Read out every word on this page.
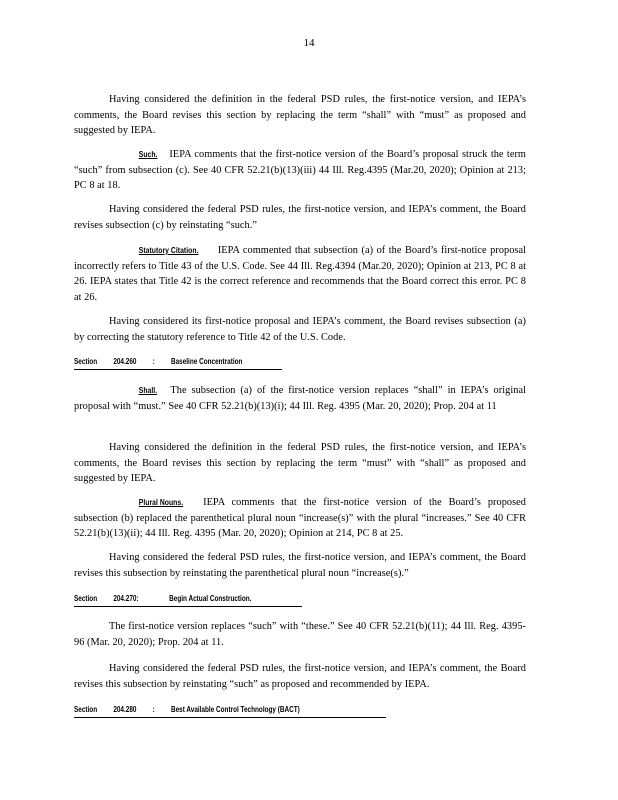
14
Having considered the definition in the federal PSD rules, the first-notice version, and IEPA’s comments, the Board revises this section by replacing the term “shall” with “must” as proposed and suggested by IEPA.
Such. IEPA comments that the first-notice version of the Board’s proposal struck the term “such” from subsection (c). See 40 CFR 52.21(b)(13)(iii) 44 Ill. Reg.4395 (Mar.20, 2020); Opinion at 213; PC 8 at 18.
Having considered the federal PSD rules, the first-notice version, and IEPA’s comment, the Board revises subsection (c) by reinstating “such.”
Statutory Citation. IEPA commented that subsection (a) of the Board’s first-notice proposal incorrectly refers to Title 43 of the U.S. Code. See 44 Ill. Reg.4394 (Mar.20, 2020); Opinion at 213, PC 8 at 26. IEPA states that Title 42 is the correct reference and recommends that the Board correct this error. PC 8 at 26.
Having considered its first-notice proposal and IEPA’s comment, the Board revises subsection (a) by correcting the statutory reference to Title 42 of the U.S. Code.
Section 204.260 : Baseline Concentration
Shall. The subsection (a) of the first-notice version replaces “shall” in IEPA’s original proposal with “must.” See 40 CFR 52.21(b)(13)(i); 44 Ill. Reg. 4395 (Mar. 20, 2020); Prop. 204 at 11
Having considered the definition in the federal PSD rules, the first-notice version, and IEPA’s comments, the Board revises this section by replacing the term “must” with “shall” as proposed and suggested by IEPA.
Plural Nouns. IEPA comments that the first-notice version of the Board’s proposed subsection (b) replaced the parenthetical plural noun “increase(s)” with the plural “increases.” See 40 CFR 52.21(b)(13)(ii); 44 Ill. Reg. 4395 (Mar. 20, 2020); Opinion at 214, PC 8 at 25.
Having considered the federal PSD rules, the first-notice version, and IEPA’s comment, the Board revises this subsection by reinstating the parenthetical plural noun “increase(s).”
Section 204.270:	Begin Actual Construction.
The first-notice version replaces “such” with “these.” See 40 CFR 52.21(b)(11); 44 Ill. Reg. 4395-96 (Mar. 20, 2020); Prop. 204 at 11.
Having considered the federal PSD rules, the first-notice version, and IEPA’s comment, the Board revises this subsection by reinstating “such” as proposed and recommended by IEPA.
Section 204.280 : Best Available Control Technology (BACT)
